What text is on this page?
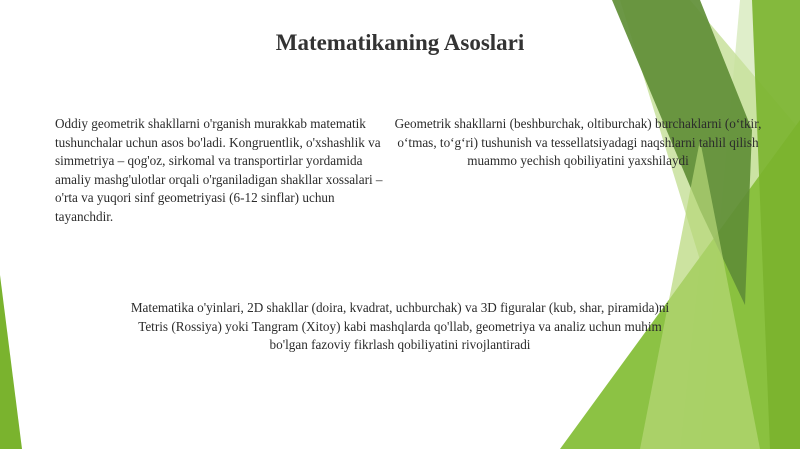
Matematikaning Asoslari

Oddiy geometrik shakllarni o'rganish murakkab matematik tushunchalar uchun asos bo'ladi. Kongruentlik, o'xshashlik va simmetriya – qog'oz, sirkomal va transportirlar yordamida amaliy mashg'ulotlar orqali o'rganiladigan shakllar xossalari – o'rta va yuqori sinf geometriyasi (6-12 sinflar) uchun tayanchdir.

Geometrik shakllarni (beshburchak, oltiburchak) burchaklarni (oʻtkir, oʻtmas, toʻgʻri) tushunish va tessellatsiyadagi naqshlarni tahlil qilish muammo yechish qobiliyatini yaxshilaydi

Matematika o'yinlari, 2D shakllar (doira, kvadrat, uchburchak) va 3D figuralar (kub, shar, piramida)ni Tetris (Rossiya) yoki Tangram (Xitoy) kabi mashqlarda qo'llab, geometriya va analiz uchun muhim bo'lgan fazoviy fikrlash qobiliyatini rivojlantiradi
